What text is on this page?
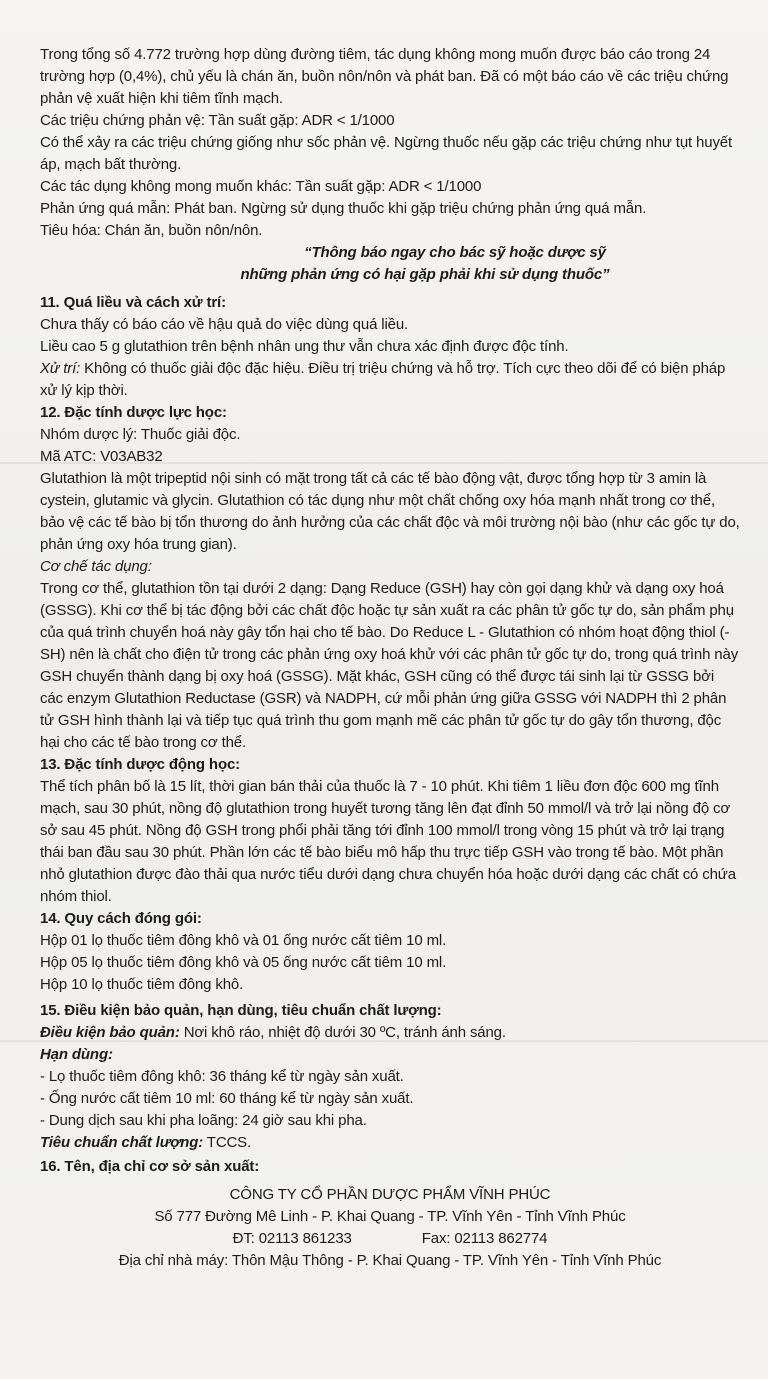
Trong tổng số 4.772 trường hợp dùng đường tiêm, tác dụng không mong muốn được báo cáo trong 24 trường hợp (0,4%), chủ yếu là chán ăn, buồn nôn/nôn và phát ban. Đã có một báo cáo về các triệu chứng phản vệ xuất hiện khi tiêm tĩnh mạch.

Các triệu chứng phản vệ: Tần suất gặp: ADR < 1/1000

Có thể xảy ra các triệu chứng giống như sốc phản vệ. Ngừng thuốc nếu gặp các triệu chứng như tụt huyết áp, mạch bất thường.

Các tác dụng không mong muốn khác: Tần suất gặp: ADR < 1/1000

Phản ứng quá mẫn: Phát ban. Ngừng sử dụng thuốc khi gặp triệu chứng phản ứng quá mẫn.

Tiêu hóa: Chán ăn, buồn nôn/nôn.

“Thông báo ngay cho bác sỹ hoặc dược sỹ

những phản ứng có hại gặp phải khi sử dụng thuốc”

11. Quá liều và cách xử trí:

Chưa thấy có báo cáo về hậu quả do việc dùng quá liều.

Liều cao 5 g glutathion trên bệnh nhân ung thư vẫn chưa xác định được độc tính.

Xử trí: Không có thuốc giải độc đặc hiệu. Điều trị triệu chứng và hỗ trợ. Tích cực theo dõi để có biện pháp xử lý kịp thời.

12. Đặc tính dược lực học:

Nhóm dược lý: Thuốc giải độc.

Mã ATC: V03AB32

Glutathion là một tripeptid nội sinh có mặt trong tất cả các tế bào động vật, được tổng hợp từ 3 amin là cystein, glutamic và glycin. Glutathion có tác dụng như một chất chống oxy hóa mạnh nhất trong cơ thể, bảo vệ các tế bào bị tổn thương do ảnh hưởng của các chất độc và môi trường nội bào (như các gốc tự do, phản ứng oxy hóa trung gian).

Cơ chế tác dụng:

Trong cơ thể, glutathion tồn tại dưới 2 dạng: Dạng Reduce (GSH) hay còn gọi dạng khử và dạng oxy hoá (GSSG). Khi cơ thể bị tác động bởi các chất độc hoặc tự sản xuất ra các phân tử gốc tự do, sản phẩm phụ của quá trình chuyển hoá này gây tổn hại cho tế bào. Do Reduce L - Glutathion có nhóm hoạt động thiol (-SH) nên là chất cho điện tử trong các phản ứng oxy hoá khử với các phân tử gốc tự do, trong quá trình này GSH chuyển thành dạng bị oxy hoá (GSSG). Mặt khác, GSH cũng có thể được tái sinh lại từ GSSG bởi các enzym Glutathion Reductase (GSR) và NADPH, cứ mỗi phản ứng giữa GSSG với NADPH thì 2 phân tử GSH hình thành lại và tiếp tục quá trình thu gom mạnh mẽ các phân tử gốc tự do gây tổn thương, độc hại cho các tế bào trong cơ thể.

13. Đặc tính dược động học:

Thể tích phân bố là 15 lít, thời gian bán thải của thuốc là 7 - 10 phút. Khi tiêm 1 liều đơn độc 600 mg tĩnh mạch, sau 30 phút, nồng độ glutathion trong huyết tương tăng lên đạt đỉnh 50 mmol/l và trở lại nồng độ cơ sở sau 45 phút. Nồng độ GSH trong phổi phải tăng tới đỉnh 100 mmol/l trong vòng 15 phút và trở lại trạng thái ban đầu sau 30 phút. Phần lớn các tế bào biểu mô hấp thu trực tiếp GSH vào trong tế bào. Một phần nhỏ glutathion được đào thải qua nước tiểu dưới dạng chưa chuyển hóa hoặc dưới dạng các chất có chứa nhóm thiol.

14. Quy cách đóng gói:

Hộp 01 lọ thuốc tiêm đông khô và 01 ống nước cất tiêm 10 ml.

Hộp 05 lọ thuốc tiêm đông khô và 05 ống nước cất tiêm 10 ml.

Hộp 10 lọ thuốc tiêm đông khô.

15. Điều kiện bảo quản, hạn dùng, tiêu chuẩn chất lượng:

Điều kiện bảo quản: Nơi khô ráo, nhiệt độ dưới 30 ºC, tránh ánh sáng.

Hạn dùng:

- Lọ thuốc tiêm đông khô: 36 tháng kể từ ngày sản xuất.

- Ống nước cất tiêm 10 ml: 60 tháng kể từ ngày sản xuất.

- Dung dịch sau khi pha loãng: 24 giờ sau khi pha.

Tiêu chuẩn chất lượng: TCCS.

16. Tên, địa chỉ cơ sở sản xuất:

CÔNG TY CỔ PHẦN DƯỢC PHẨM VĨNH PHÚC

Số 777 Đường Mê Linh - P. Khai Quang - TP. Vĩnh Yên - Tỉnh Vĩnh Phúc

ĐT: 02113 861233	Fax: 02113 862774

Địa chỉ nhà máy: Thôn Mậu Thông - P. Khai Quang - TP. Vĩnh Yên - Tỉnh Vĩnh Phúc
